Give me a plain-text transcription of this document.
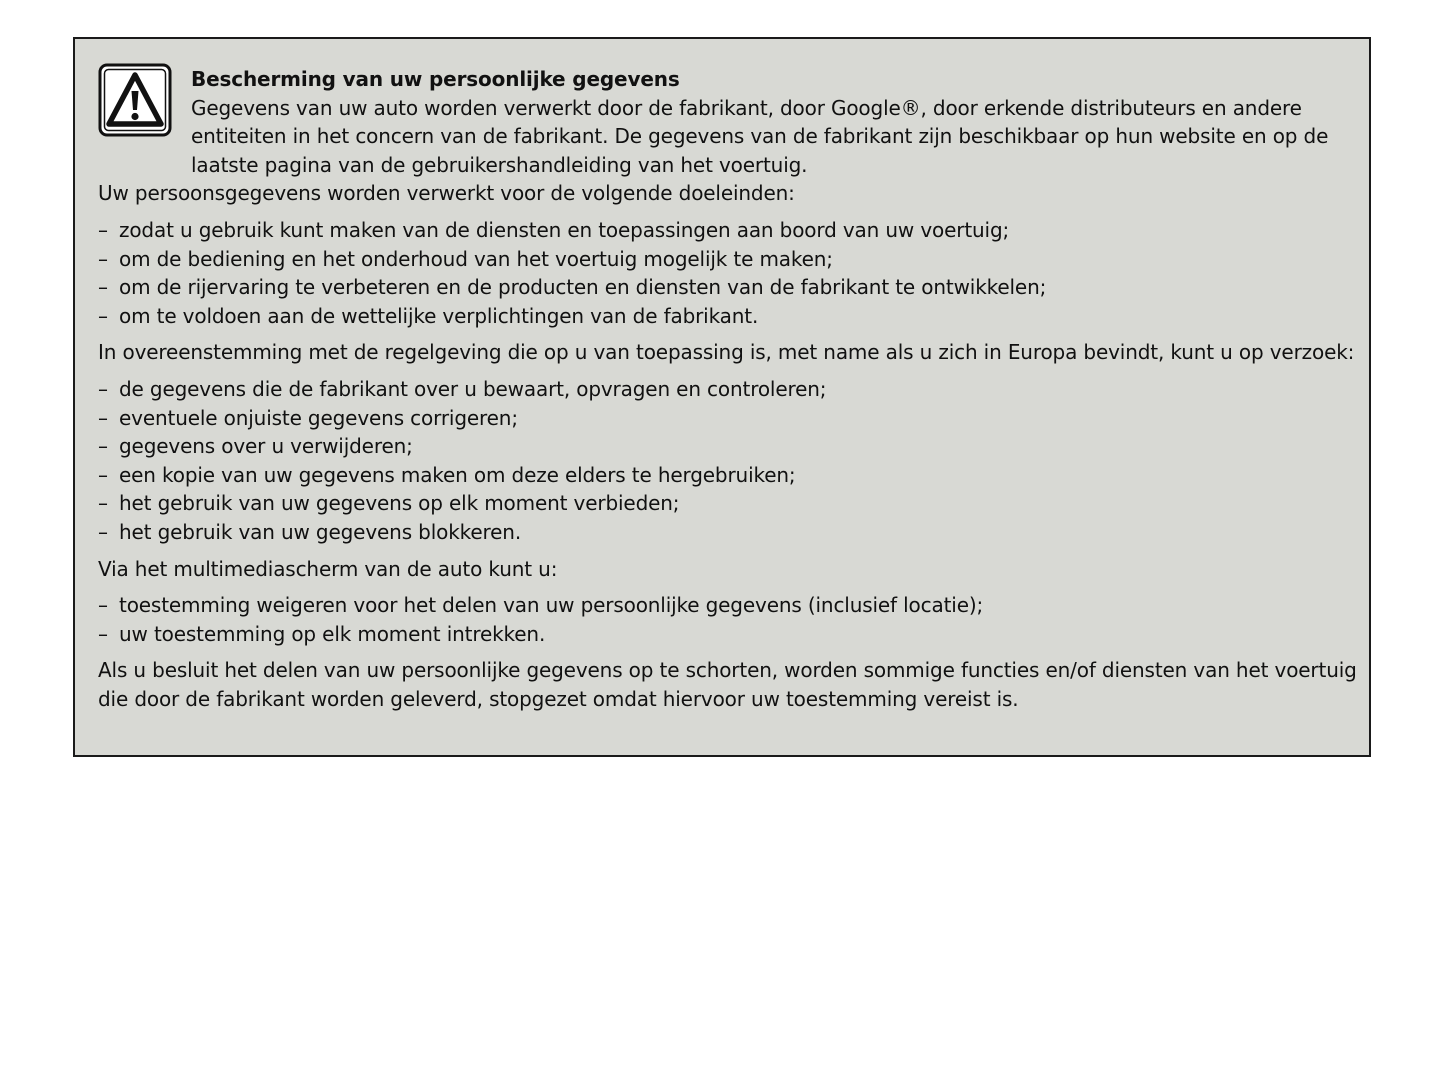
Bescherming van uw persoonlijke gegevens

Gegevens van uw auto worden verwerkt door de fabrikant, door Google®, door erkende distributeurs en andere entiteiten in het concern van de fabrikant. De gegevens van de fabrikant zijn beschikbaar op hun website en op de laatste pagina van de gebruikershandleiding van het voertuig.

Uw persoonsgegevens worden verwerkt voor de volgende doeleinden:

– zodat u gebruik kunt maken van de diensten en toepassingen aan boord van uw voertuig;
– om de bediening en het onderhoud van het voertuig mogelijk te maken;
– om de rijervaring te verbeteren en de producten en diensten van de fabrikant te ontwikkelen;
– om te voldoen aan de wettelijke verplichtingen van de fabrikant.

In overeenstemming met de regelgeving die op u van toepassing is, met name als u zich in Europa bevindt, kunt u op verzoek:

– de gegevens die de fabrikant over u bewaart, opvragen en controleren;
– eventuele onjuiste gegevens corrigeren;
– gegevens over u verwijderen;
– een kopie van uw gegevens maken om deze elders te hergebruiken;
– het gebruik van uw gegevens op elk moment verbieden;
– het gebruik van uw gegevens blokkeren.

Via het multimediascherm van de auto kunt u:

– toestemming weigeren voor het delen van uw persoonlijke gegevens (inclusief locatie);
– uw toestemming op elk moment intrekken.

Als u besluit het delen van uw persoonlijke gegevens op te schorten, worden sommige functies en/of diensten van het voertuig die door de fabrikant worden geleverd, stopgezet omdat hiervoor uw toestemming vereist is.
